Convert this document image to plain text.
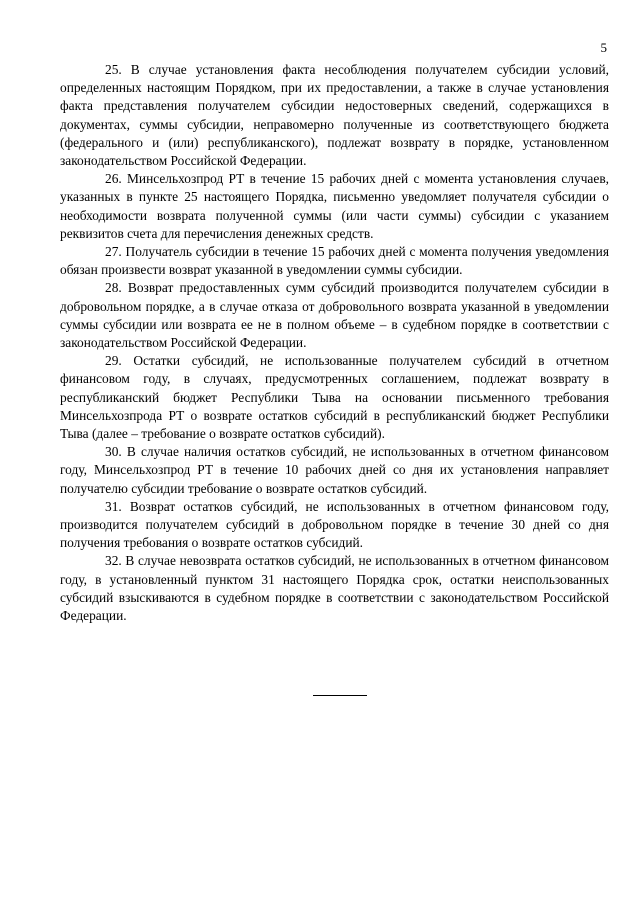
5

25. В случае установления факта несоблюдения получателем субсидии условий, определенных настоящим Порядком, при их предоставлении, а также в случае установления факта представления получателем субсидии недостоверных сведений, содержащихся в документах, суммы субсидии, неправомерно полученные из соответствующего бюджета (федерального и (или) республиканского), подлежат возврату в порядке, установленном законодательством Российской Федерации.

26. Минсельхозпрод РТ в течение 15 рабочих дней с момента установления случаев, указанных в пункте 25 настоящего Порядка, письменно уведомляет получателя субсидии о необходимости возврата полученной суммы (или части суммы) субсидии с указанием реквизитов счета для перечисления денежных средств.

27. Получатель субсидии в течение 15 рабочих дней с момента получения уведомления обязан произвести возврат указанной в уведомлении суммы субсидии.

28. Возврат предоставленных сумм субсидий производится получателем субсидии в добровольном порядке, а в случае отказа от добровольного возврата указанной в уведомлении суммы субсидии или возврата ее не в полном объеме – в судебном порядке в соответствии с законодательством Российской Федерации.

29. Остатки субсидий, не использованные получателем субсидий в отчетном финансовом году, в случаях, предусмотренных соглашением, подлежат возврату в республиканский бюджет Республики Тыва на основании письменного требования Минсельхозпрода РТ о возврате остатков субсидий в республиканский бюджет Республики Тыва (далее – требование о возврате остатков субсидий).

30. В случае наличия остатков субсидий, не использованных в отчетном финансовом году, Минсельхозпрод РТ в течение 10 рабочих дней со дня их установления направляет получателю субсидии требование о возврате остатков субсидий.

31. Возврат остатков субсидий, не использованных в отчетном финансовом году, производится получателем субсидий в добровольном порядке в течение 30 дней со дня получения требования о возврате остатков субсидий.

32. В случае невозврата остатков субсидий, не использованных в отчетном финансовом году, в установленный пунктом 31 настоящего Порядка срок, остатки неиспользованных субсидий взыскиваются в судебном порядке в соответствии с законодательством Российской Федерации.
